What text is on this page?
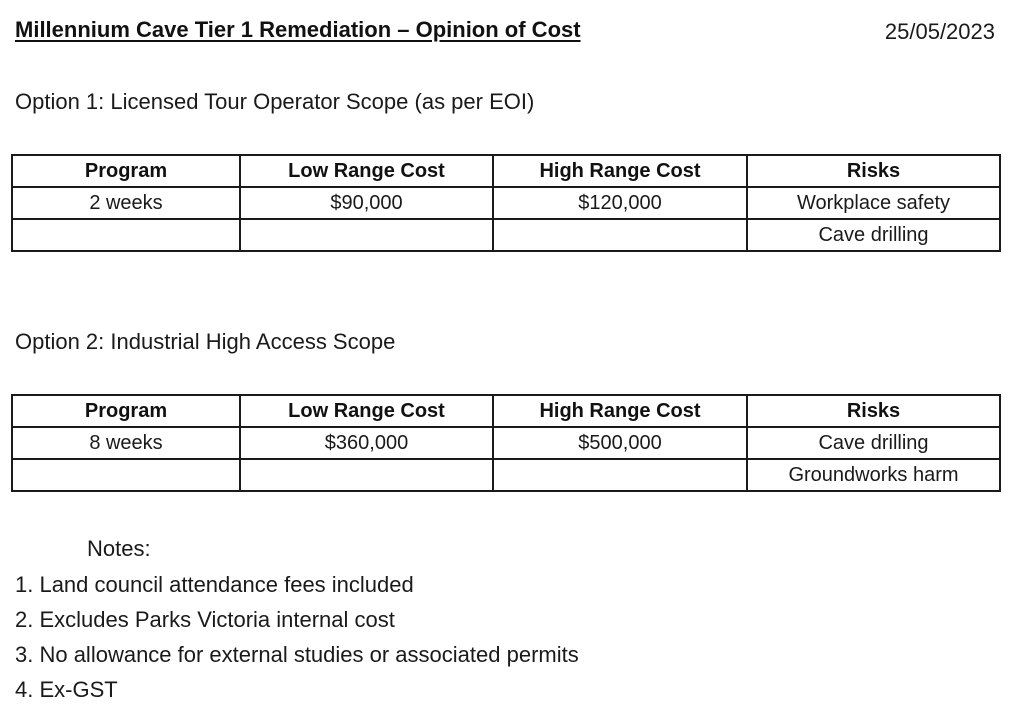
Millennium Cave Tier 1 Remediation – Opinion of Cost	25/05/2023
Option 1: Licensed Tour Operator Scope (as per EOI)
Program	Low Range Cost	High Range Cost	Risks
2 weeks	$90,000	$120,000	Workplace safety
			Cave drilling
Option 2: Industrial High Access Scope
Program	Low Range Cost	High Range Cost	Risks
8 weeks	$360,000	$500,000	Cave drilling
			Groundworks harm
Notes:
1. Land council attendance fees included
2. Excludes Parks Victoria internal cost
3. No allowance for external studies or associated permits
4. Ex-GST
